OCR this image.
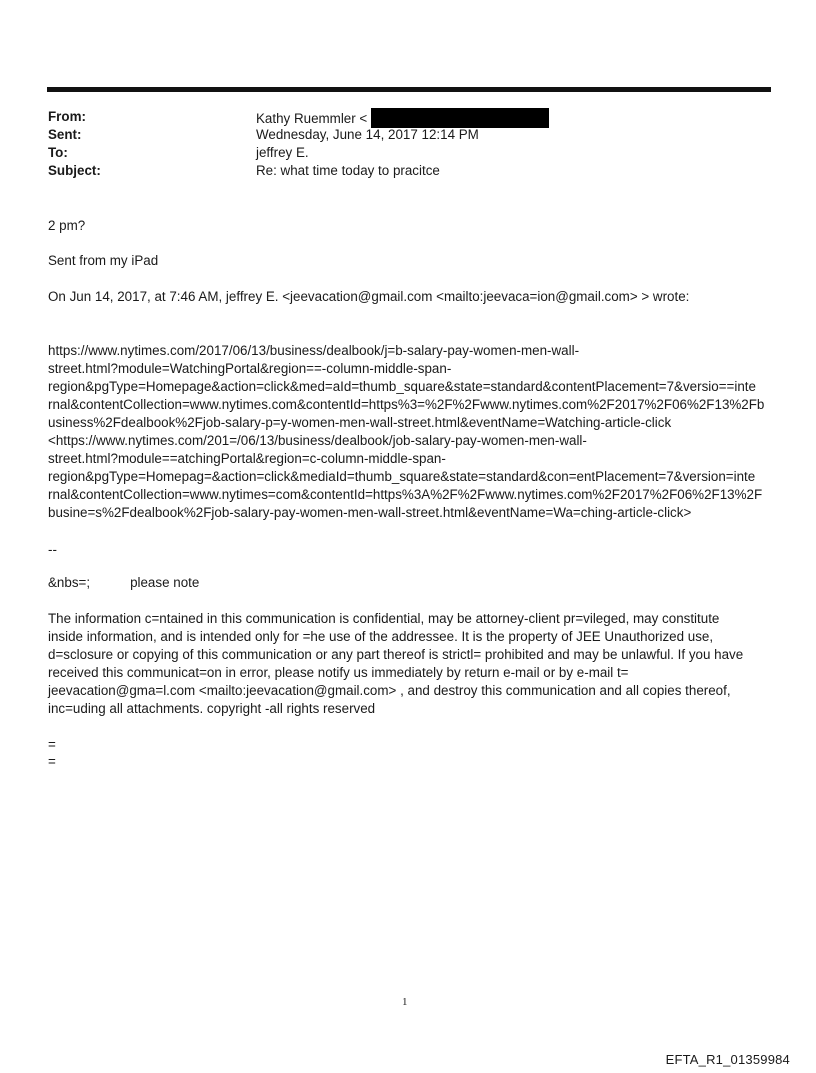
From:	Kathy Ruemmler <
Sent:	Wednesday, June 14, 2017 12:14 PM
To:	jeffrey E.
Subject:	Re: what time today to pracitce
2 pm?
Sent from my iPad
On Jun 14, 2017, at 7:46 AM, jeffrey E. <jeevacation@gmail.com <mailto:jeevaca=ion@gmail.com> > wrote:
https://www.nytimes.com/2017/06/13/business/dealbook/j=b-salary-pay-women-men-wall-
street.html?module=WatchingPortal&region==-column-middle-span-
region&pgType=Homepage&action=click&med=aId=thumb_square&state=standard&contentPlacement=7&versio==inte
rnal&contentCollection=www.nytimes.com&contentId=https%3=%2F%2Fwww.nytimes.com%2F2017%2F06%2F13%2Fb
usiness%2Fdealbook%2Fjob-salary-p=y-women-men-wall-street.html&eventName=Watching-article-click
<https://www.nytimes.com/201=/06/13/business/dealbook/job-salary-pay-women-men-wall-
street.html?module==atchingPortal&region=c-column-middle-span-
region&pgType=Homepag=&action=click&mediaId=thumb_square&state=standard&con=entPlacement=7&version=inte
rnal&contentCollection=www.nytimes=com&contentId=https%3A%2F%2Fwww.nytimes.com%2F2017%2F06%2F13%2F
busine=s%2Fdealbook%2Fjob-salary-pay-women-men-wall-street.html&eventName=Wa=ching-article-click>
--
&nbs=;	please note
The information c=ntained in this communication is confidential, may be attorney-client pr=vileged, may constitute
inside information, and is intended only for =he use of the addressee. It is the property of JEE Unauthorized use,
d=sclosure or copying of this communication or any part thereof is strictl= prohibited and may be unlawful. If you have
received this communicat=on in error, please notify us immediately by return e-mail or by e-mail t=
jeevacation@gma=l.com <mailto:jeevacation@gmail.com> , and destroy this communication and all copies thereof,
inc=uding all attachments. copyright -all rights reserved
=
=
1
EFTA_R1_01359984
